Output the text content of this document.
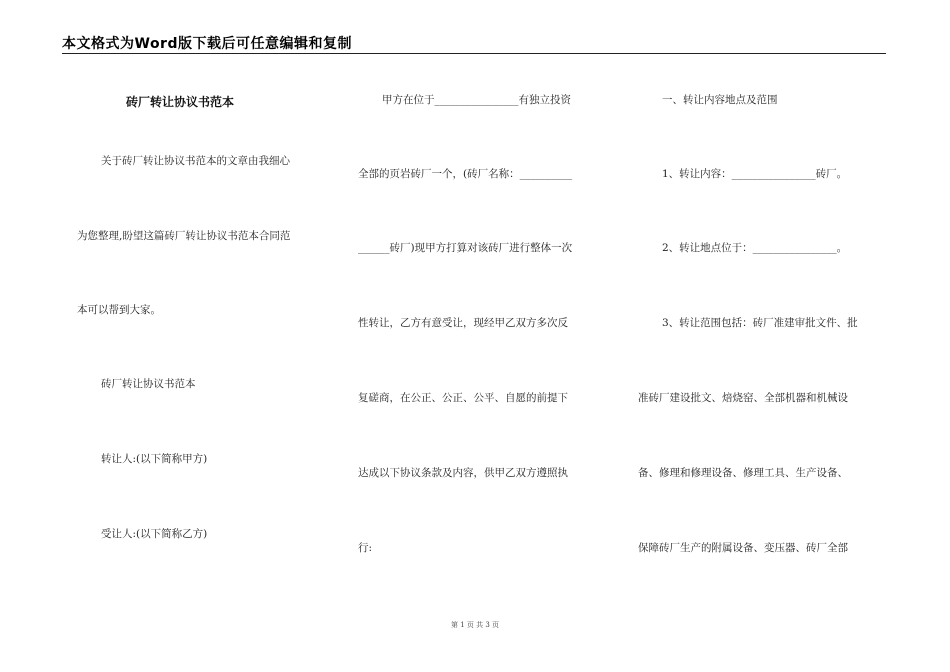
本文格式为Word版下载后可任意编辑和复制

砖厂转让协议书范本

关于砖厂转让协议书范本的文章由我细心

为您整理,盼望这篇砖厂转让协议书范本合同范

本可以帮到大家。

砖厂转让协议书范本

转让人:(以下简称甲方)

受让人:(以下简称乙方)

甲方在位于________________有独立投资

全部的页岩砖厂一个，(砖厂名称：__________

______砖厂)现甲方打算对该砖厂进行整体一次

性转让，乙方有意受让，现经甲乙双方多次反

复磋商，在公正、公正、公平、自愿的前提下

达成以下协议条款及内容，供甲乙双方遵照执

行:

一、转让内容地点及范围

1、转让内容：________________砖厂。

2、转让地点位于：________________。

3、转让范围包括：砖厂准建审批文件、批

准砖厂建设批文、焙烧窑、全部机器和机械设

备、修理和修理设备、修理工具、生产设备、

保障砖厂生产的附属设备、变压器、砖厂全部

第 1 页 共 3 页
